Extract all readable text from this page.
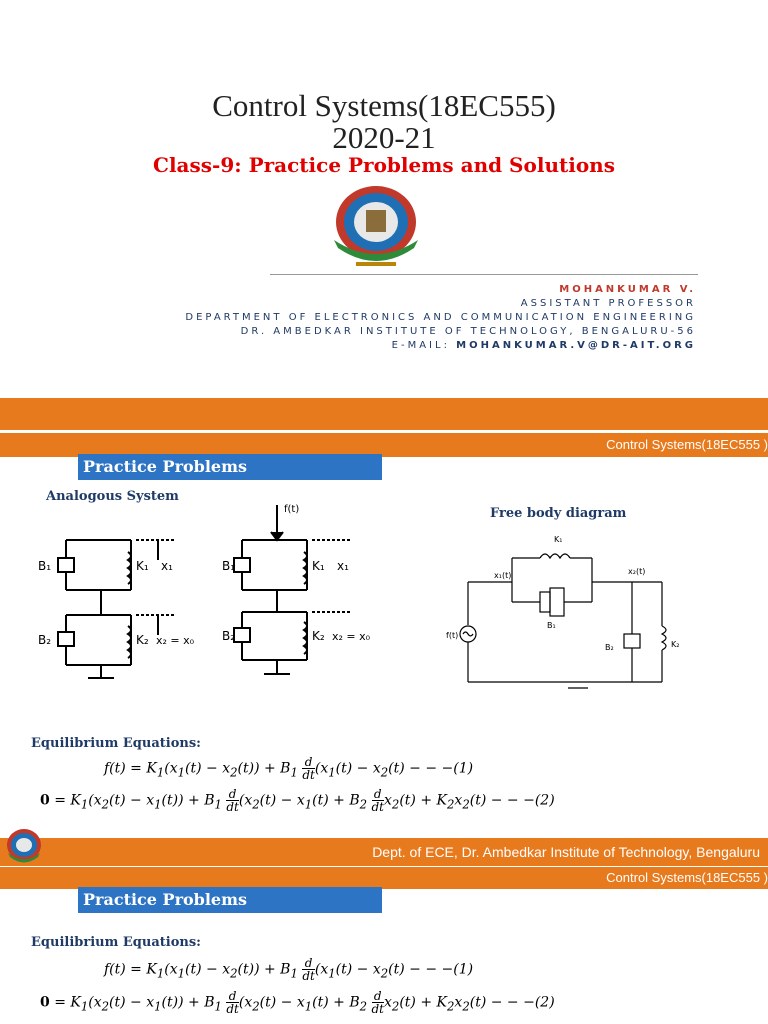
Control Systems(18EC555)
2020-21
Class-9: Practice Problems and Solutions
MOHANKUMAR V.
ASSISTANT PROFESSOR
DEPARTMENT OF ELECTRONICS AND COMMUNICATION ENGINEERING
DR. AMBEDKAR INSTITUTE OF TECHNOLOGY, BENGALURU-56
E-MAIL: MOHANKUMAR.V@DR-AIT.ORG
Control Systems(18EC555 )
Practice Problems
Analogous System
Free body diagram
B₁
B₂
K₁ x₁
K₂ x₂ = x₀
f(t)
B₁
B₂
K₁ x₁
K₂ x₂ = x₀
K₁
x₁(t)	x₂(t)
B₁
B₂	K₂
f(t)
Equilibrium Equations:
$f(t) = K_1(x_1(t) - x_2(t)) + B_1 \frac{d}{dt} (x_1(t) - x_2(t)$ − − −(1)
$0 = K_1(x_2(t) - x_1(t)) + B_1 \frac{d}{dt} (x_2(t) - x_1(t) + B_2 \frac{d}{dt} x_2(t) + K_2x_2(t)$ − − −(2)
Dept. of ECE, Dr. Ambedkar Institute of Technology, Bengaluru
Control Systems(18EC555 )
Practice Problems
Equilibrium Equations:
$f(t) = K_1(x_1(t) - x_2(t)) + B_1 \frac{d}{dt} (x_1(t) - x_2(t)$ − − −(1)
$0 = K_1(x_2(t) - x_1(t)) + B_1 \frac{d}{dt} (x_2(t) - x_1(t) + B_2 \frac{d}{dt} x_2(t) + K_2x_2(t)$ − − −(2)
